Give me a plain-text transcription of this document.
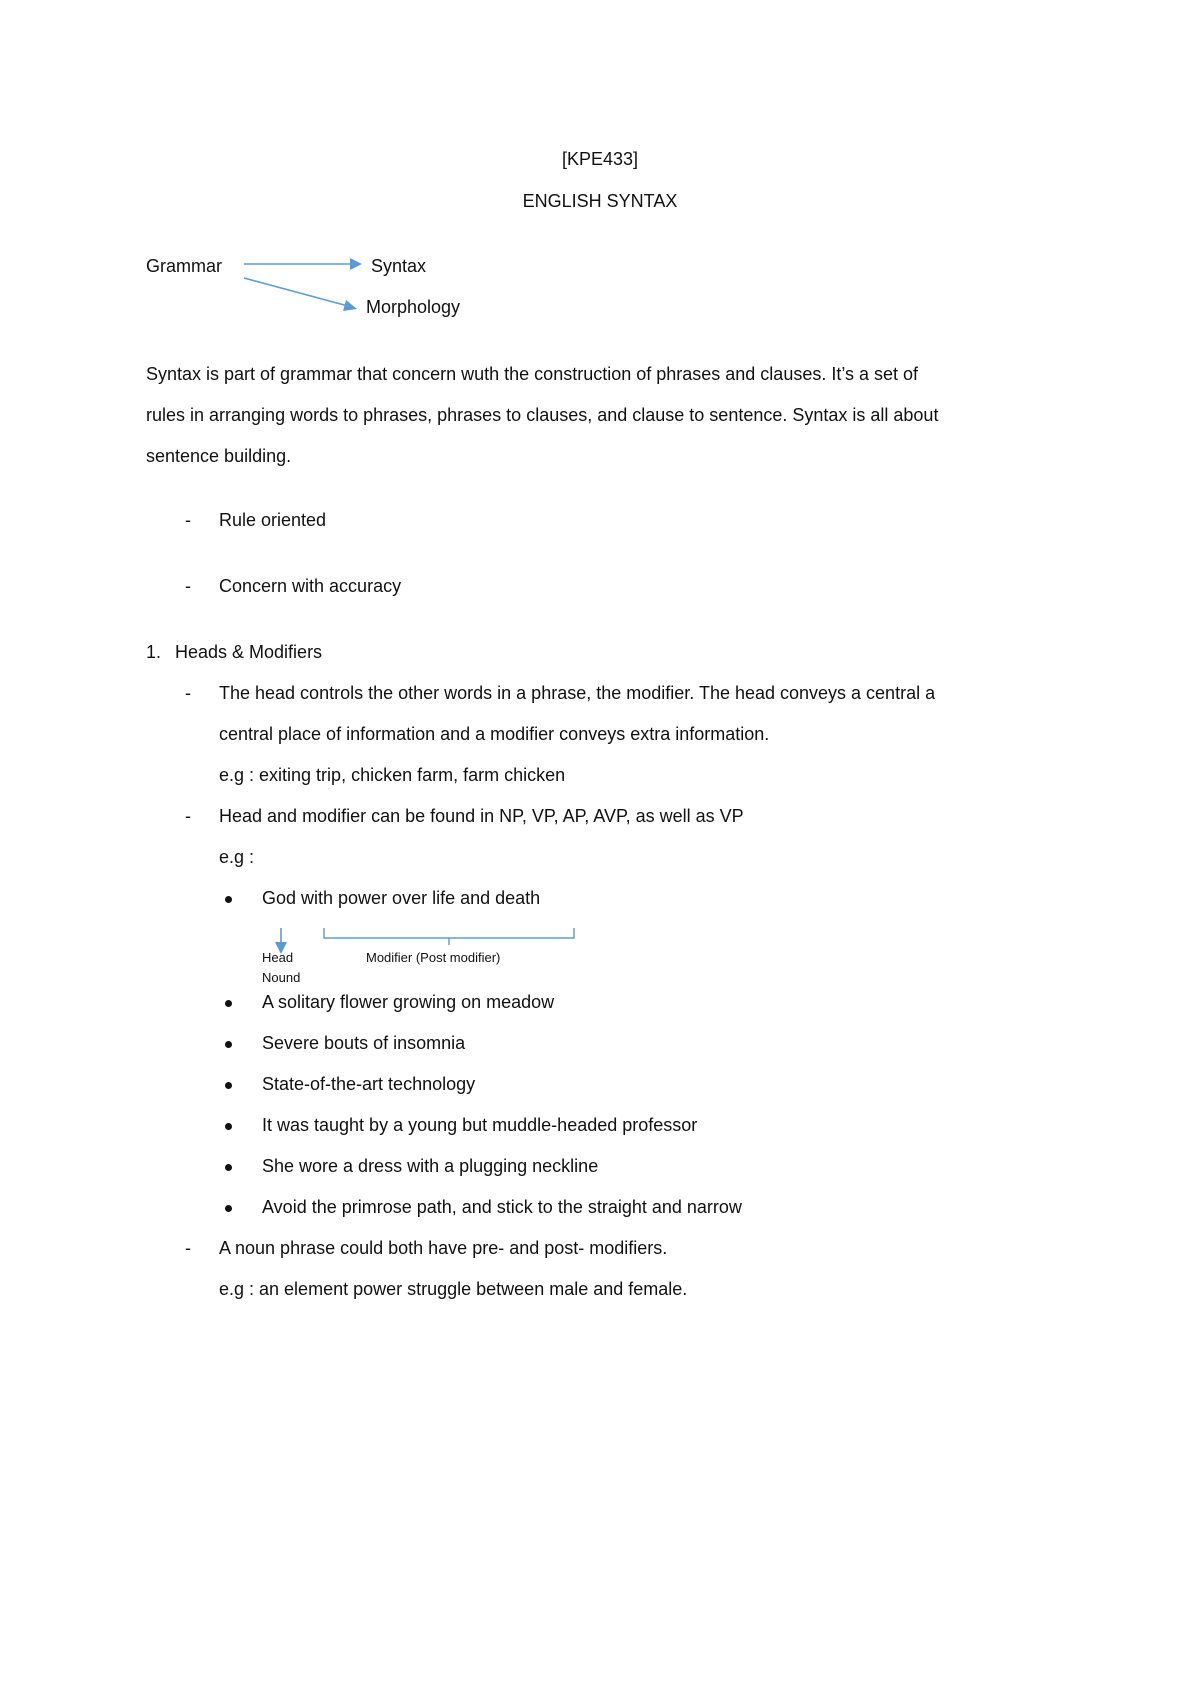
[KPE433]
ENGLISH SYNTAX
Grammar	Syntax
Morphology
Syntax is part of grammar that concern wuth the construction of phrases and clauses. It’s a set of
rules in arranging words to phrases, phrases to clauses, and clause to sentence. Syntax is all about
sentence building.
- Rule oriented
- Concern with accuracy
1. Heads & Modifiers
- The head controls the other words in a phrase, the modifier. The head conveys a central a
central place of information and a modifier conveys extra information.
e.g : exiting trip, chicken farm, farm chicken
- Head and modifier can be found in NP, VP, AP, AVP, as well as VP
e.g :
God with power over life and death
Head
Nound
Modifier (Post modifier)
A solitary flower growing on meadow
Severe bouts of insomnia
State-of-the-art technology
It was taught by a young but muddle-headed professor
She wore a dress with a plugging neckline
Avoid the primrose path, and stick to the straight and narrow
- A noun phrase could both have pre- and post- modifiers.
e.g : an element power struggle between male and female.
